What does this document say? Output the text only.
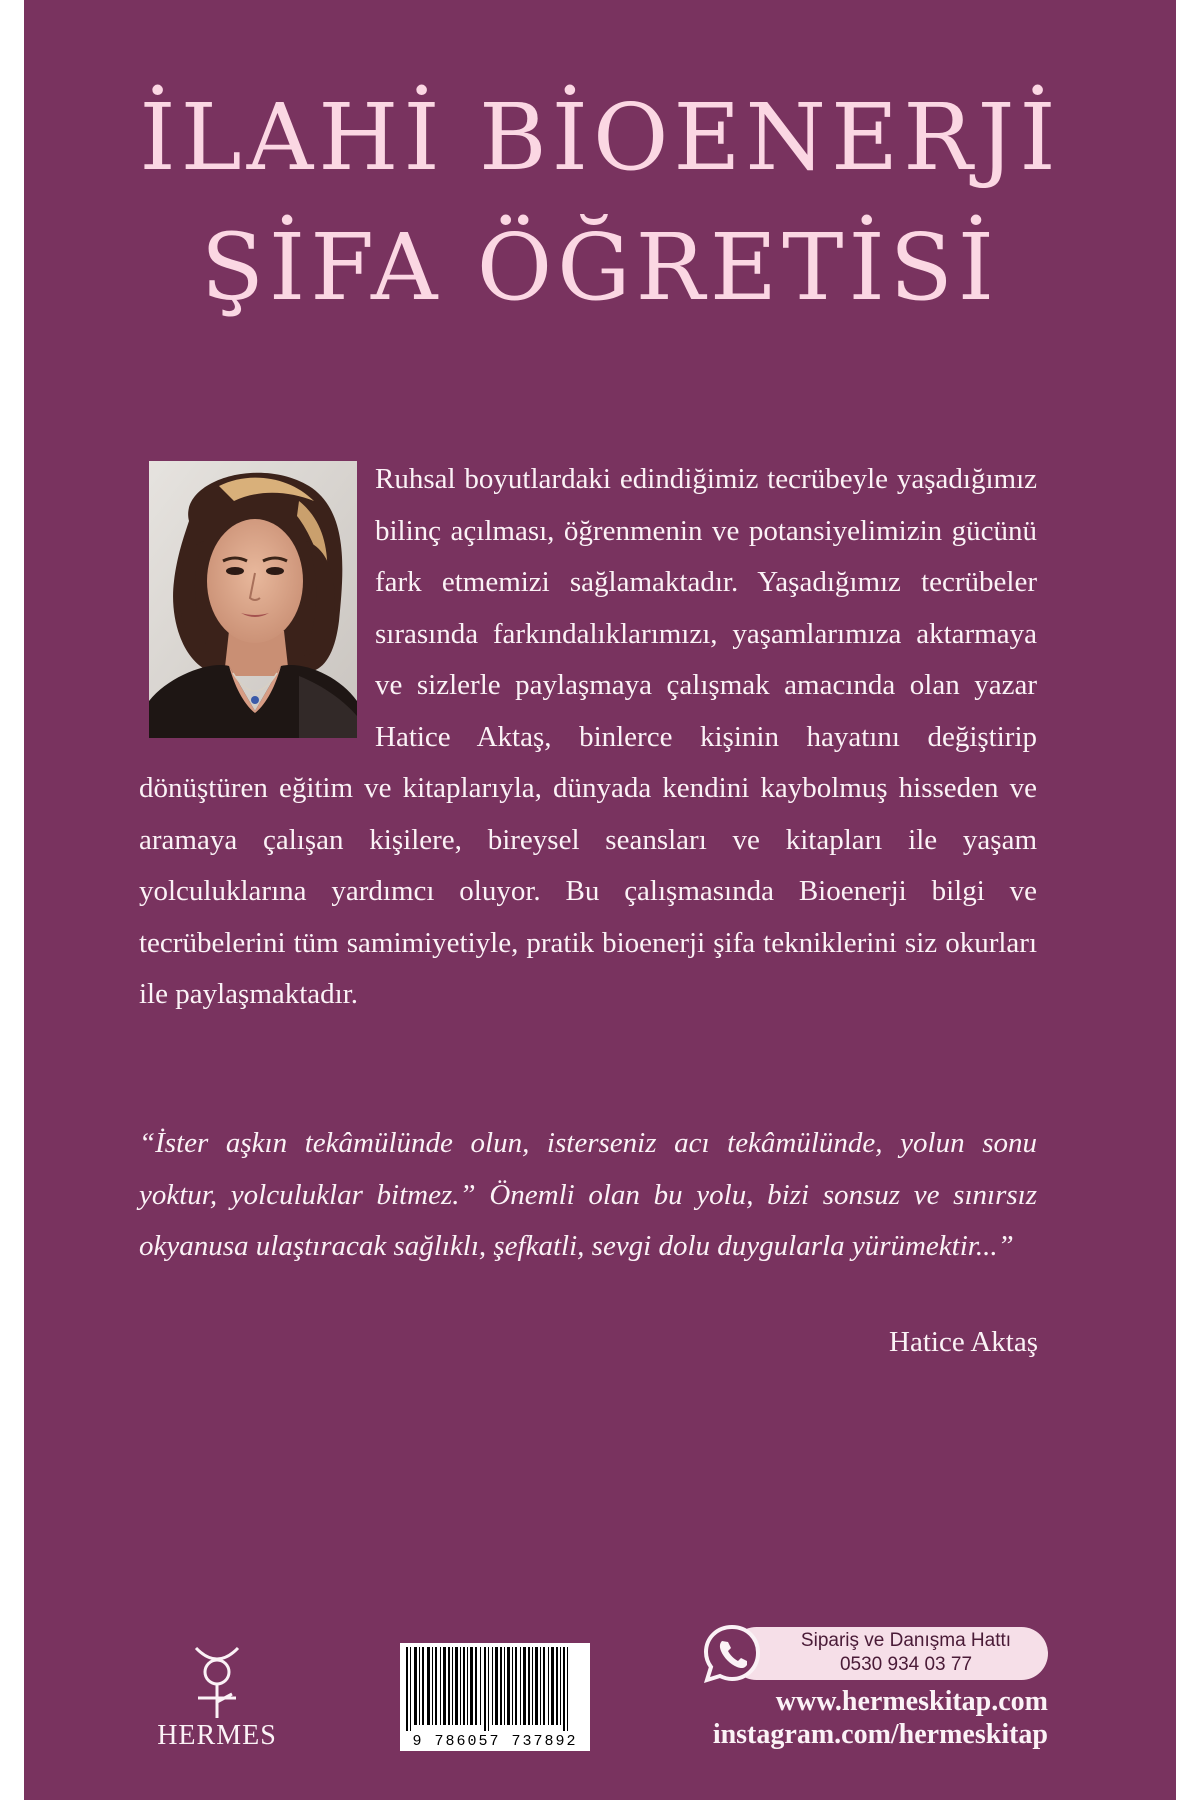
İLAHİ BİOENERJİ
ŞİFA ÖĞRETİSİ

Ruhsal boyutlardaki edindiğimiz tecrübeyle yaşadığımız bilinç açılması, öğrenmenin ve potansiyelimizin gücünü fark etmemizi sağlamaktadır. Yaşadığımız tecrübeler sırasında farkındalıklarımızı, yaşamlarımıza aktarmaya ve sizlerle paylaşmaya çalışmak amacında olan yazar Hatice Aktaş, binlerce kişinin hayatını değiştirip dönüştüren eğitim ve kitaplarıyla, dünyada kendini kaybolmuş hisseden ve aramaya çalışan kişilere, bireysel seansları ve kitapları ile yaşam yolculuklarına yardımcı oluyor. Bu çalışmasında Bioenerji bilgi ve tecrübelerini tüm samimiyetiyle, pratik bioenerji şifa tekniklerini siz okurları ile paylaşmaktadır.

“İster aşkın tekâmülünde olun, isterseniz acı tekâmülünde, yolun sonu yoktur, yolculuklar bitmez.” Önemli olan bu yolu, bizi sonsuz ve sınırsız okyanusa ulaştıracak sağlıklı, şefkatli, sevgi dolu duygularla yürümektir...”

Hatice Aktaş

HERMES	9 786057 737892
Sipariş ve Danışma Hattı
0530 934 03 77

www.hermeskitap.com

instagram.com/hermeskitap
